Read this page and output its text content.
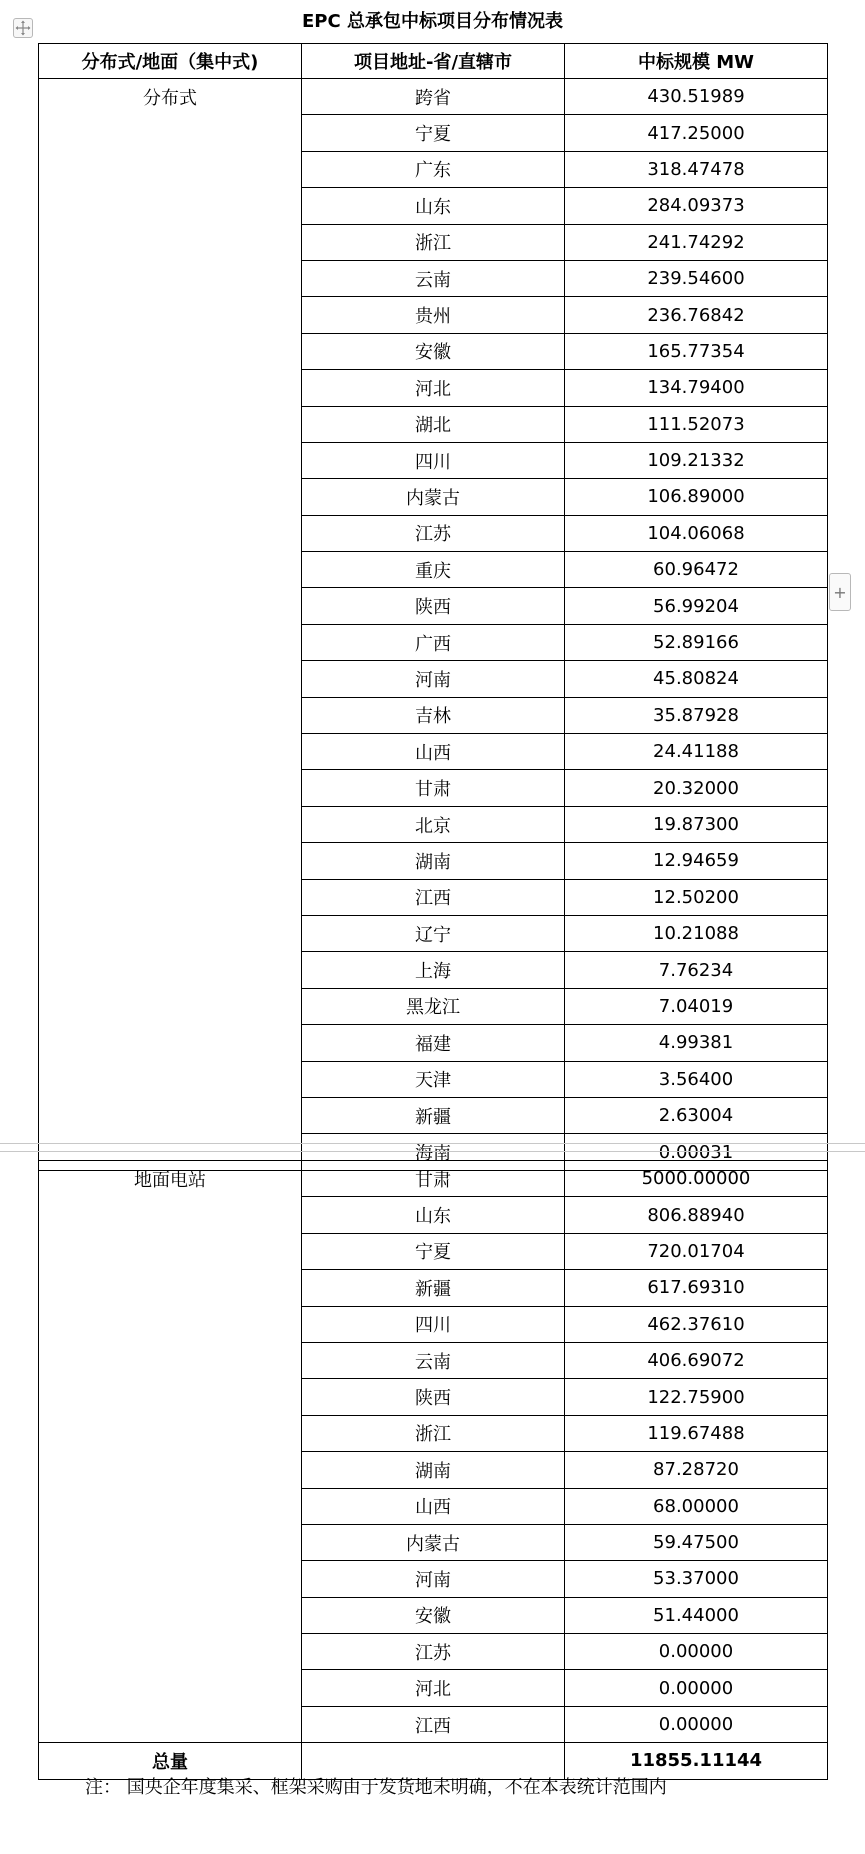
EPC 总承包中标项目分布情况表
分布式/地面（集中式)	项目地址-省/直辖市	中标规模 MW
分布式	跨省	430.51989
	宁夏	417.25000
	广东	318.47478
	山东	284.09373
	浙江	241.74292
	云南	239.54600
	贵州	236.76842
	安徽	165.77354
	河北	134.79400
	湖北	111.52073
	四川	109.21332
	内蒙古	106.89000
	江苏	104.06068
	重庆	60.96472
	陕西	56.99204
	广西	52.89166
	河南	45.80824
	吉林	35.87928
	山西	24.41188
	甘肃	20.32000
	北京	19.87300
	湖南	12.94659
	江西	12.50200
	辽宁	10.21088
	上海	7.76234
	黑龙江	7.04019
	福建	4.99381
	天津	3.56400
	新疆	2.63004
	海南	0.00031
+
地面电站	甘肃	5000.00000
	山东	806.88940
	宁夏	720.01704
	新疆	617.69310
	四川	462.37610
	云南	406.69072
	陕西	122.75900
	浙江	119.67488
	湖南	87.28720
	山西	68.00000
	内蒙古	59.47500
	河南	53.37000
	安徽	51.44000
	江苏	0.00000
	河北	0.00000
	江西	0.00000
总量		11855.11144
注： 国央企年度集采、框架采购由于发货地未明确，不在本表统计范围内
